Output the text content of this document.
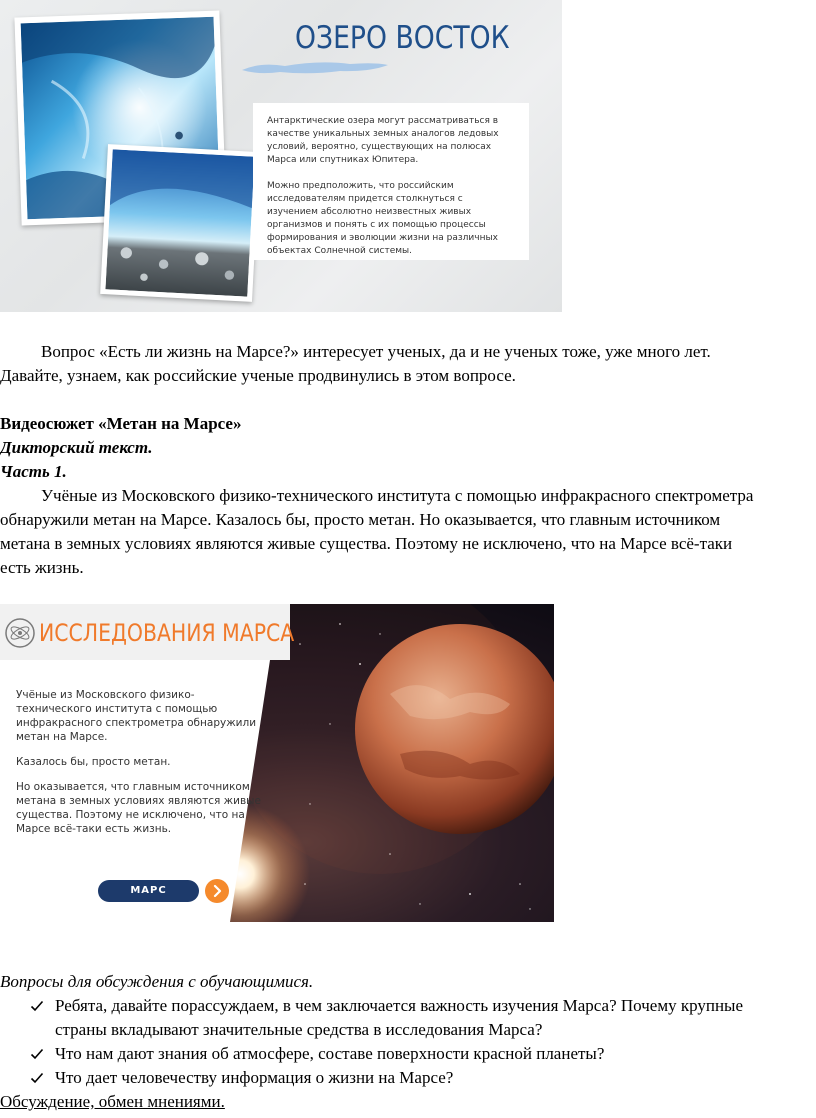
ОЗЕРО ВОСТОК

Антарктические озера могут рассматриваться в качестве уникальных земных аналогов ледовых условий, вероятно, существующих на полюсах Марса или спутниках Юпитера.

Можно предположить, что российским исследователям придется столкнуться с изучением абсолютно неизвестных живых организмов и понять с их помощью процессы формирования и эволюции жизни на различных объектах Солнечной системы.

Вопрос «Есть ли жизнь на Марсе?» интересует ученых, да и не ученых тоже, уже много лет.
Давайте, узнаем, как российские ученые продвинулись в этом вопросе.
Видеосюжет «Метан на Марсе»
Дикторский текст.
Часть 1.
Учёные из Московского физико-технического института с помощью инфракрасного спектрометра
обнаружили метан на Марсе. Казалось бы, просто метан. Но оказывается, что главным источником
метана в земных условиях являются живые существа. Поэтому не исключено, что на Марсе всё-таки
есть жизнь.
ИССЛЕДОВАНИЯ МАРСА

Учёные из Московского физико-технического института с помощью инфракрасного спектрометра обнаружили метан на Марсе.

Казалось бы, просто метан.

Но оказывается, что главным источником метана в земных условиях являются живые существа. Поэтому не исключено, что на Марсе всё-таки есть жизнь.

МАРС
Вопросы для обсуждения с обучающимися.
Ребята, давайте порассуждаем, в чем заключается важность изучения Марса? Почему крупные
страны вкладывают значительные средства в исследования Марса?
Что нам дают знания об атмосфере, составе поверхности красной планеты?
Что дает человечеству информация о жизни на Марсе?
Обсуждение, обмен мнениями.
